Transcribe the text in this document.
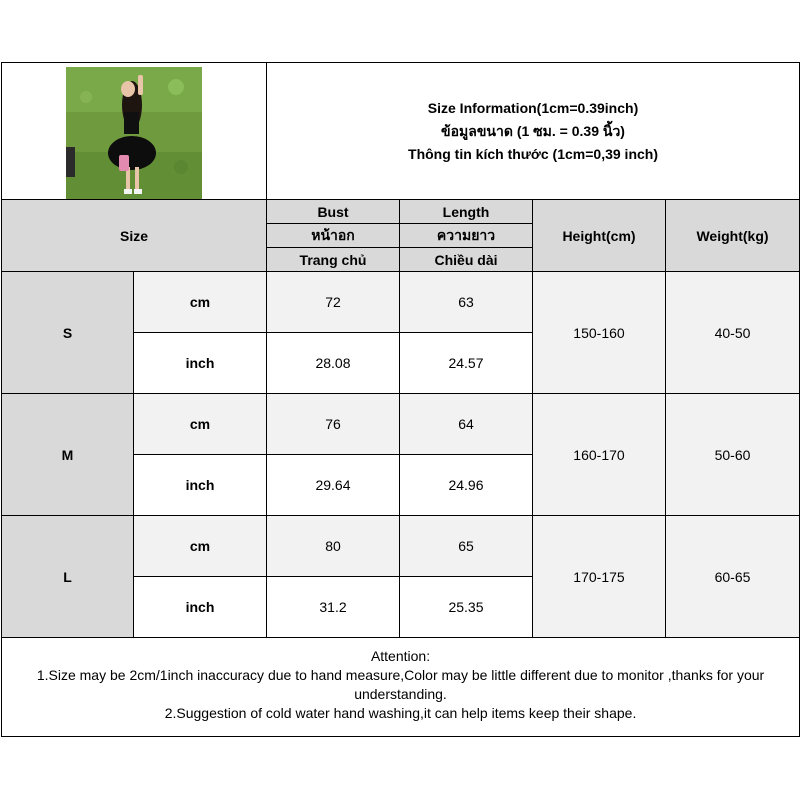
Size Information(1cm=0.39inch)
ข้อมูลขนาด (1 ซม. = 0.39 นิ้ว)
Thông tin kích thước (1cm=0,39 inch)			

Size		Bust	Length	Height(cm)	Weight(kg)
		หน้าอก	ความยาว		
		Trang chủ	Chiều dài		
S	cm	72	63	150-160	40-50
	inch	28.08	24.57		
M	cm	76	64	160-170	50-60
	inch	29.64	24.96		
L	cm	80	65	170-175	60-65
	inch	31.2	25.35		

Attention:
1.Size may be 2cm/1inch inaccuracy due to hand measure,Color may be little different due to monitor ,thanks for your understanding.
2.Suggestion of cold water hand washing,it can help items keep their shape.					
